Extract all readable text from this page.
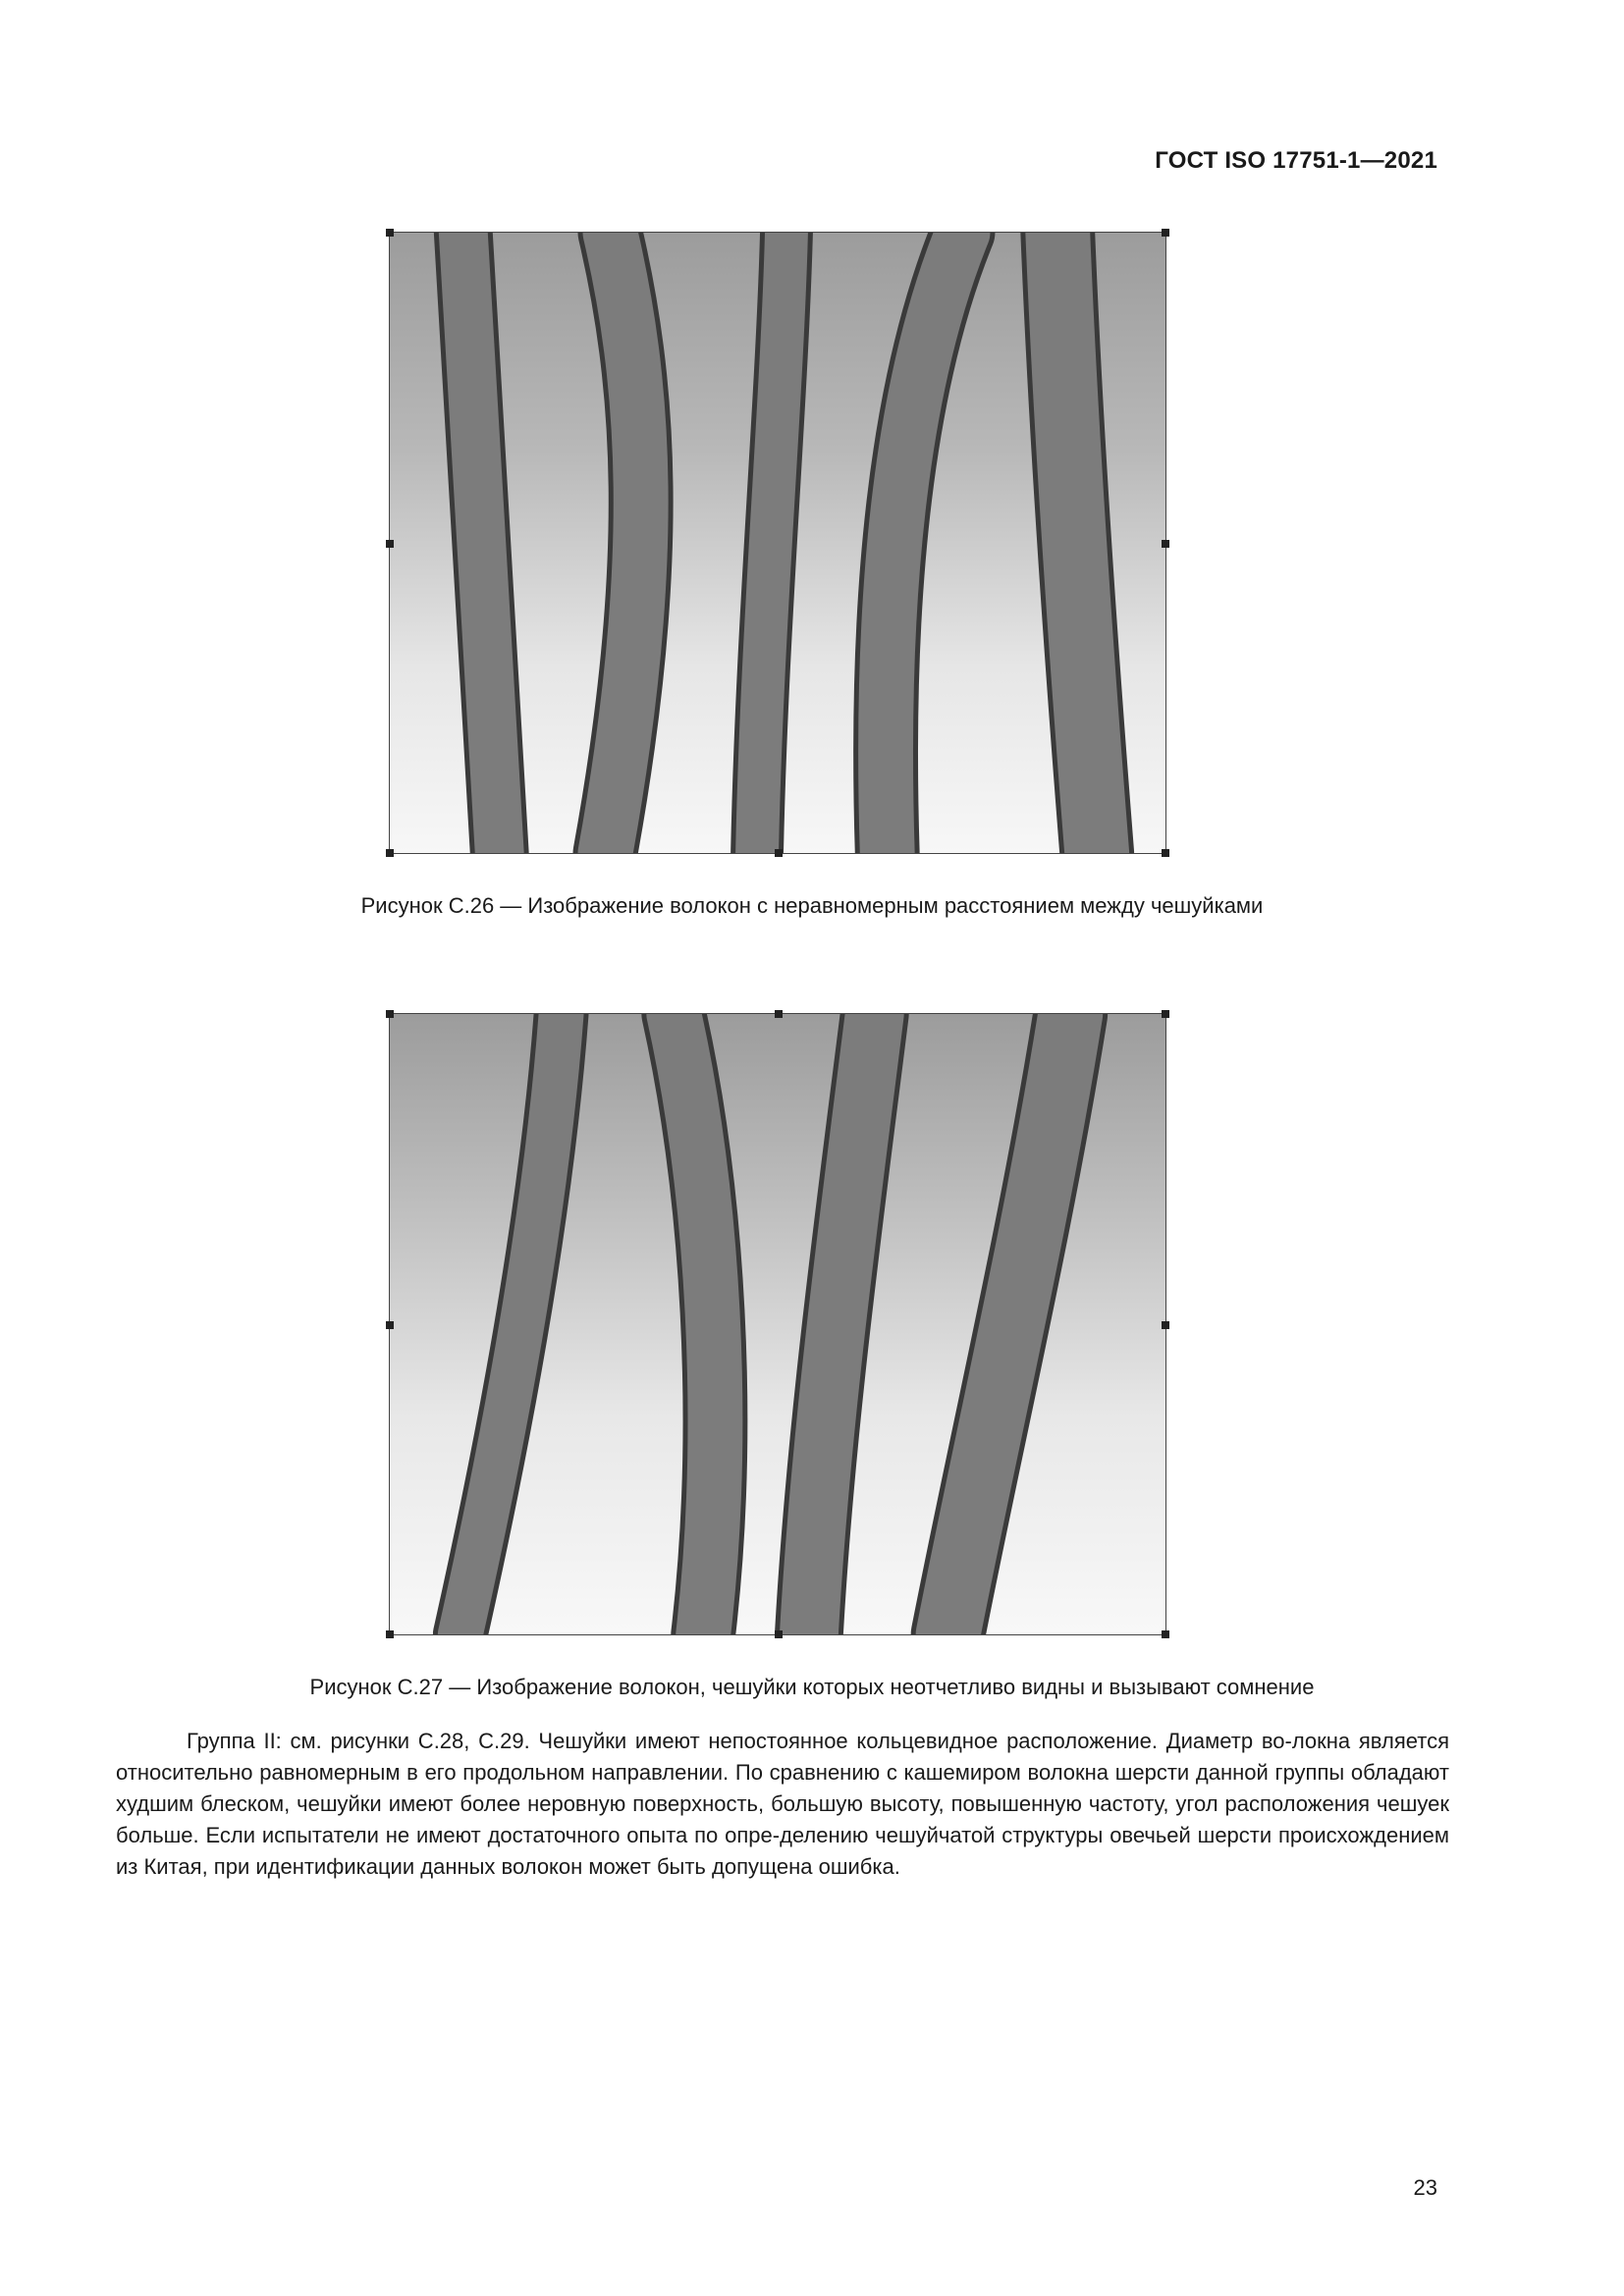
ГОСТ ISO 17751-1—2021
Рисунок С.26 — Изображение волокон с неравномерным расстоянием между чешуйками
Рисунок С.27 — Изображение волокон, чешуйки которых неотчетливо видны и вызывают сомнение

Группа II: см. рисунки С.28, С.29. Чешуйки имеют непостоянное кольцевидное расположение. Диаметр во-локна является относительно равномерным в его продольном направлении. По сравнению с кашемиром волокна шерсти данной группы обладают худшим блеском, чешуйки имеют более неровную поверхность, большую высоту, повышенную частоту, угол расположения чешуек больше. Если испытатели не имеют достаточного опыта по опре-делению чешуйчатой структуры овечьей шерсти происхождением из Китая, при идентификации данных волокон может быть допущена ошибка.

23
